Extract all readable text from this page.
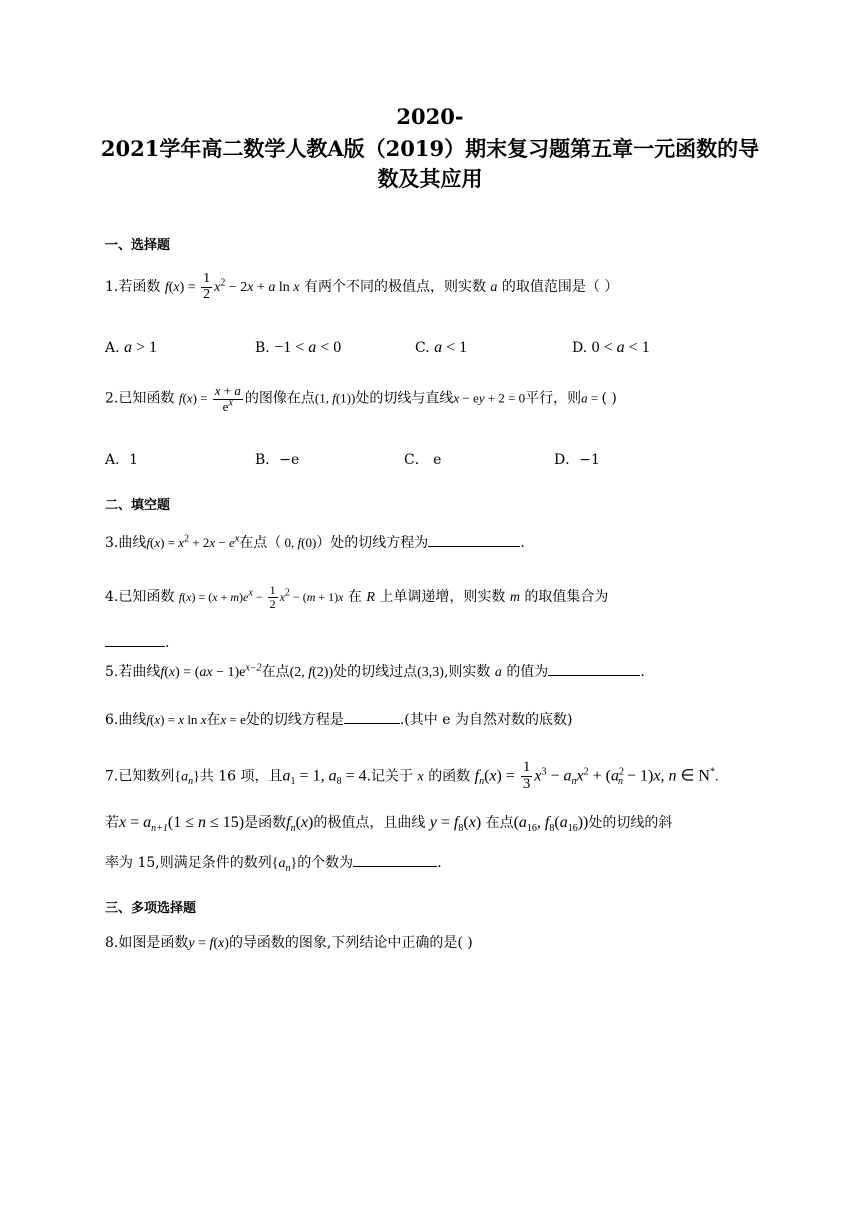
2020-
2021学年高二数学人教A版（2019）期末复习题第五章一元函数的导
数及其应用
一、选择题
1.若函数 $f(x) = \frac{1}{2} x^2 - 2x + a$ ln x 有两个不同的极值点，则实数 a 的取值范围是（ ）
A. a > 1	B. −1 < a < 0	C. a < 1	D. 0 < a < 1
2.已知函数 $f(x) = \frac{x + a}{e^x}$ 的图像在点(1, f(1))处的切线与直线x − ey + 2 = 0平行，则a = ( )
A．1	B．−e	C． e	D．−1
二、填空题
3.曲线$f(x) = x^2 + 2x - e^x$在点（ 0, f(0)）处的切线方程为	.
4.已知函数 $f(x) = (x + m)e^x - \frac{1}{2} x^2 - (m + 1)x$ 在 R 上单调递增，则实数 m 的取值集合为
.
5.若曲线$f(x) = (ax - 1)e^{x-2}$在点(2, f(2))处的切线过点(3,3),则实数 a 的值为	.
6.曲线f(x) = x ln x在x = e处的切线方程是	.(其中 e 为自然对数的底数)
7.已知数列$\{a_n\}$共 16 项，且$a_1 = 1$, $a_8 = 4$.记关于 x 的函数 $f_n(x) = \frac{1}{3} x^3 - a_nx^2 + (a^2_n - 1)x$, n ∈ N*.
若$x = a_{n+1}(1 \le n \le 15)$是函数$f_n(x)$的极值点，且曲线 $y = f_8(x)$ 在点($a_{16}$, $f_8(a_{16})$)处的切线的斜
率为 15,则满足条件的数列$\{a_n\}$的个数为	.
三、多项选择题
8.如图是函数y = f(x)的导函数的图象,下列结论中正确的是( )
